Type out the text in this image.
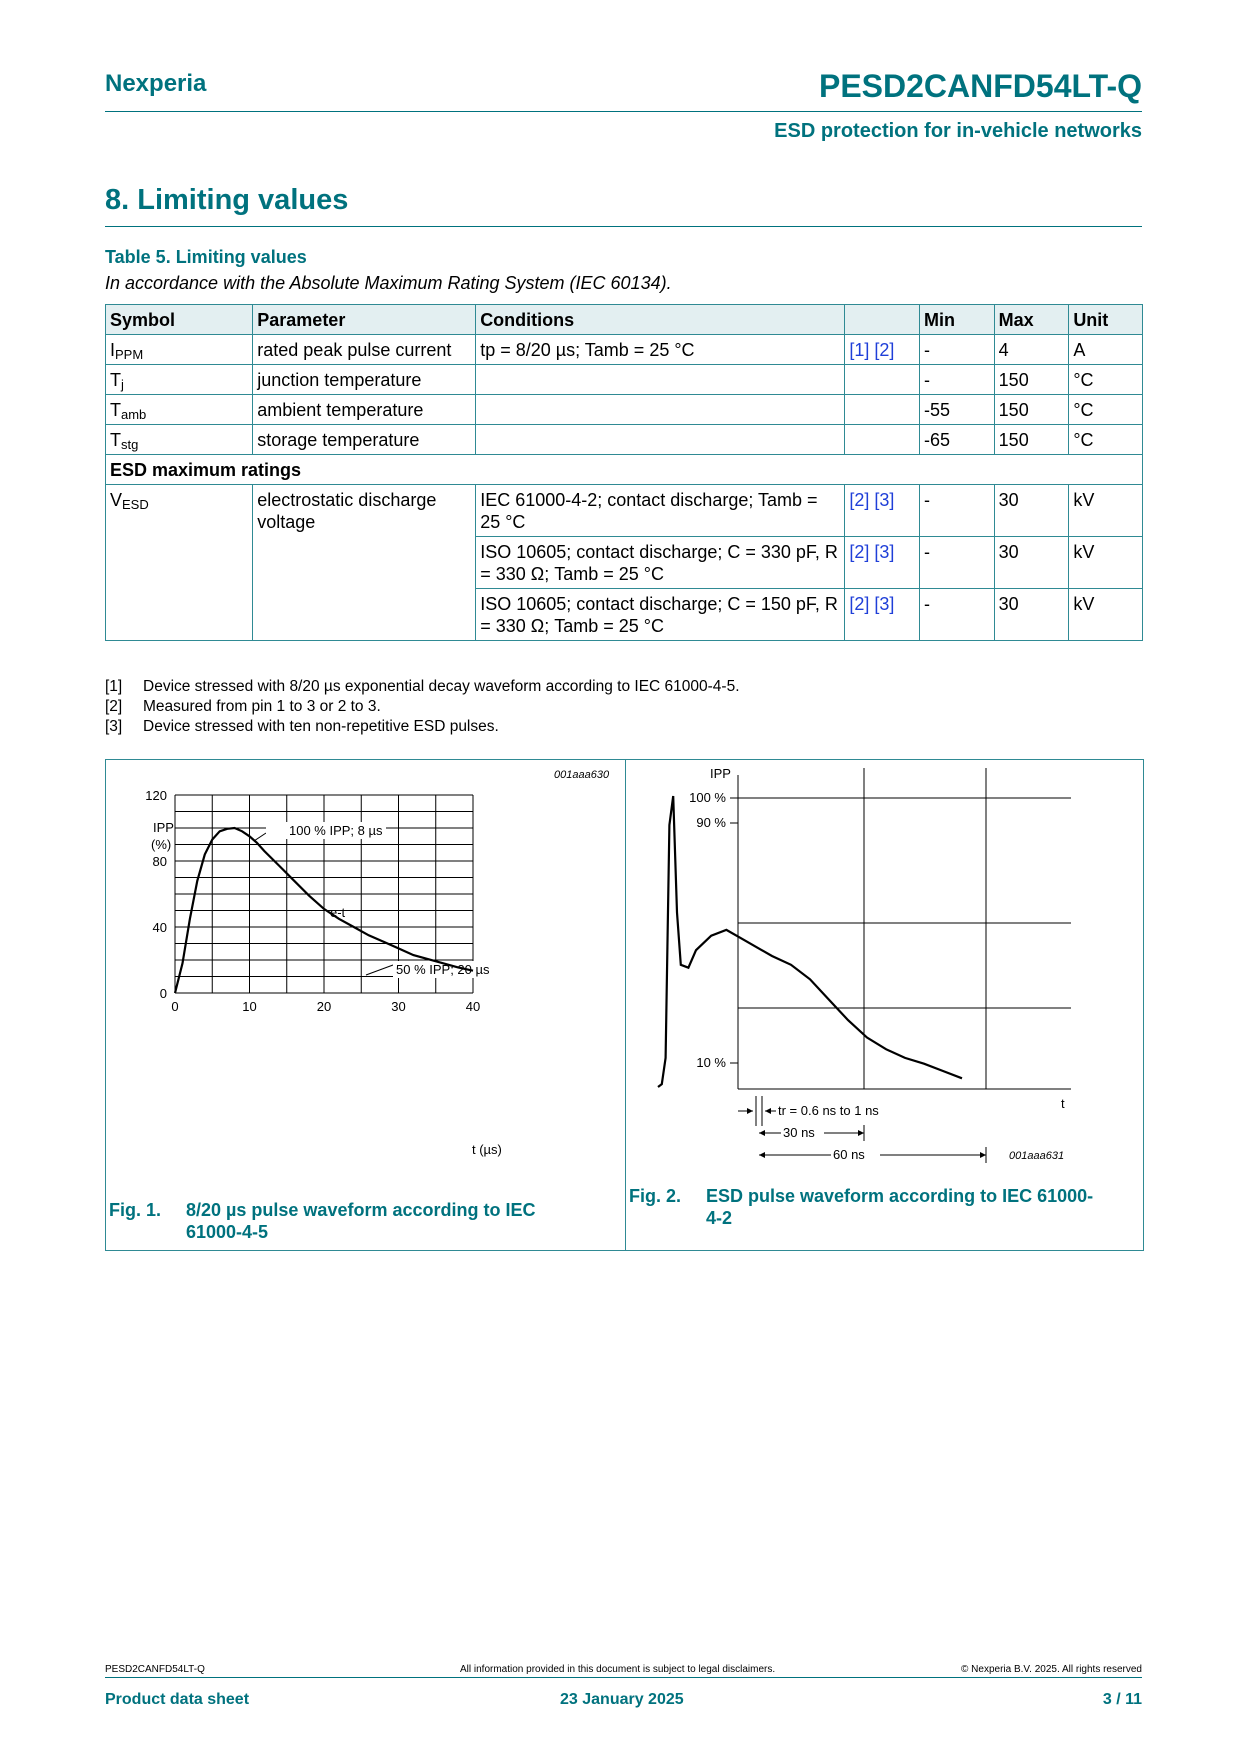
Nexperia	PESD2CANFD54LT-Q
ESD protection for in-vehicle networks
8. Limiting values
Table 5. Limiting values
In accordance with the Absolute Maximum Rating System (IEC 60134).
Symbol	Parameter	Conditions		Min	Max	Unit
$I_{PPM}$	rated peak pulse current	tp = 8/20 µs; Tamb = 25 °C	[1] [2]	-	4	A
$T_j$	junction temperature			-	150	°C
$T_{amb}$	ambient temperature			-55	150	°C
$T_{stg}$	storage temperature			-65	150	°C
ESD maximum ratings						
$V_{ESD}$	electrostatic discharge voltage	IEC 61000-4-2; contact discharge; Tamb = 25 °C	[2] [3]	-	30	kV
		ISO 10605; contact discharge; C = 330 pF, R = 330 Ω; Tamb = 25 °C	[2] [3]	-	30	kV
		ISO 10605; contact discharge; C = 150 pF, R = 330 Ω; Tamb = 25 °C	[2] [3]	-	30	kV
[1]	Device stressed with 8/20 µs exponential decay waveform according to IEC 61000-4-5.
[2]	Measured from pin 1 to 3 or 2 to 3.
[3]	Device stressed with ten non-repetitive ESD pulses.
0	10	20	30	40
0
40
80
120
001aaa630
IPP
(%)
t (µs)
100 % IPP; 8 µs
e-t
50 % IPP; 20 µs
Fig. 1.	8/20 µs pulse waveform according to IEC 61000-4-5
IPP
100 %
90 %
10 %
t
tr = 0.6 ns to 1 ns
30 ns
60 ns	001aaa631
Fig. 2.	ESD pulse waveform according to IEC 61000-4-2
PESD2CANFD54LT-Q	All information provided in this document is subject to legal disclaimers.	© Nexperia B.V. 2025. All rights reserved
Product data sheet	23 January 2025	3 / 11
